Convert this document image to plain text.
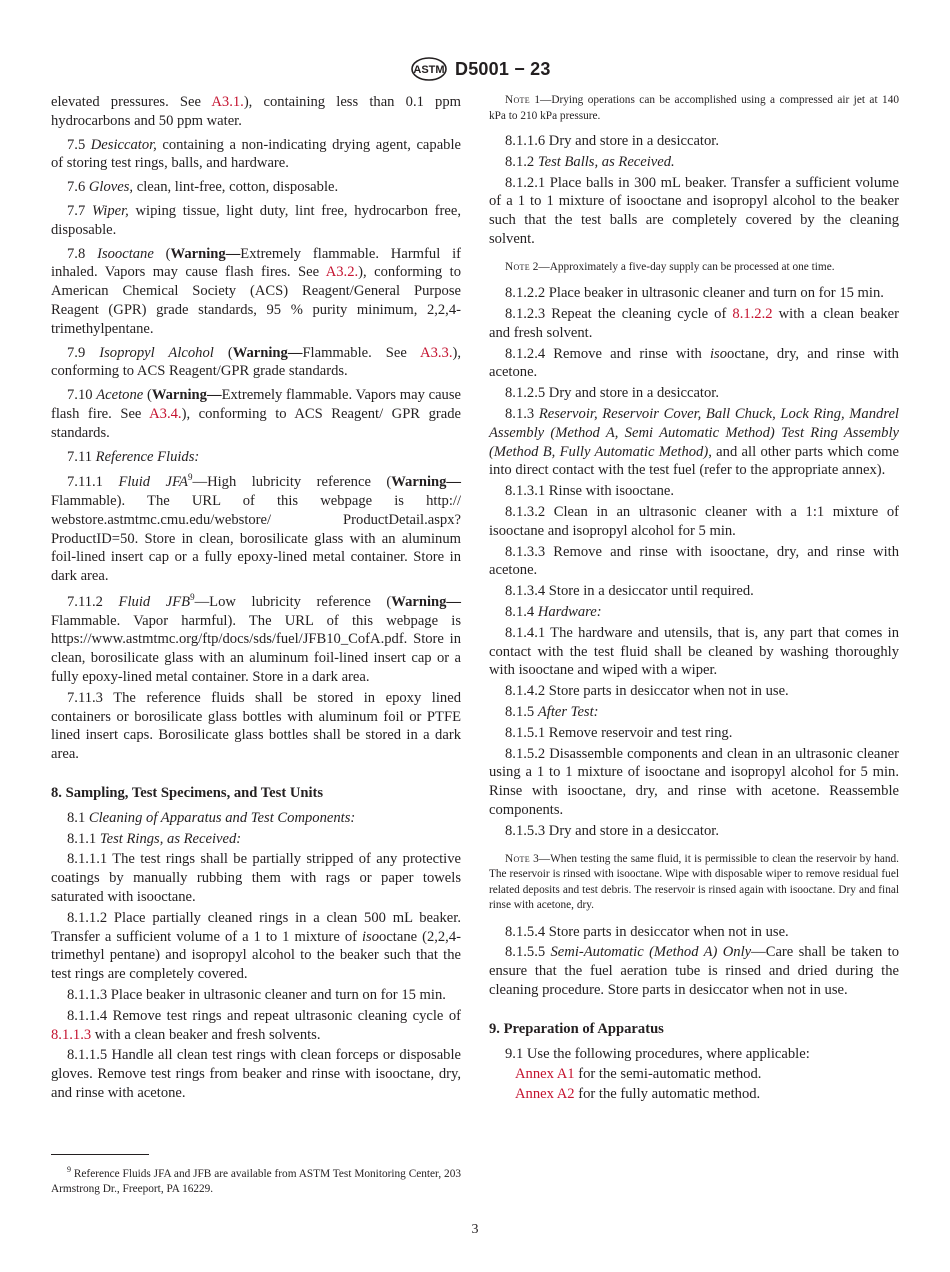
ASTM D5001 − 23

elevated pressures. See A3.1.), containing less than 0.1 ppm hydrocarbons and 50 ppm water.

7.5 Desiccator, containing a non-indicating drying agent, capable of storing test rings, balls, and hardware.

7.6 Gloves, clean, lint-free, cotton, disposable.

7.7 Wiper, wiping tissue, light duty, lint free, hydrocarbon free, disposable.

7.8 Isooctane (Warning—Extremely flammable. Harmful if inhaled. Vapors may cause flash fires. See A3.2.), conforming to American Chemical Society (ACS) Reagent/General Purpose Reagent (GPR) grade standards, 95 % purity minimum, 2,2,4-trimethylpentane.

7.9 Isopropyl Alcohol (Warning—Flammable. See A3.3.), conforming to ACS Reagent/GPR grade standards.

7.10 Acetone (Warning—Extremely flammable. Vapors may cause flash fire. See A3.4.), conforming to ACS Reagent/ GPR grade standards.

7.11 Reference Fluids:

7.11.1 Fluid JFA$^9$—High lubricity reference (Warning—Flammable). The URL of this webpage is http:// webstore.astmtmc.cmu.edu/webstore/ ProductDetail.aspx?ProductID=50. Store in clean, borosilicate glass with an aluminum foil-lined insert cap or a fully epoxy-lined metal container. Store in dark area.

7.11.2 Fluid JFB$^9$—Low lubricity reference (Warning—Flammable. Vapor harmful). The URL of this webpage is https://www.astmtmc.org/ftp/docs/sds/fuel/JFB10_CofA.pdf. Store in clean, borosilicate glass with an aluminum foil-lined insert cap or a fully epoxy-lined metal container. Store in a dark area.

7.11.3 The reference fluids shall be stored in epoxy lined containers or borosilicate glass bottles with aluminum foil or PTFE lined insert caps. Borosilicate glass bottles shall be stored in a dark area.

8. Sampling, Test Specimens, and Test Units

8.1 Cleaning of Apparatus and Test Components:

8.1.1 Test Rings, as Received:

8.1.1.1 The test rings shall be partially stripped of any protective coatings by manually rubbing them with rags or paper towels saturated with isooctane.

8.1.1.2 Place partially cleaned rings in a clean 500 mL beaker. Transfer a sufficient volume of a 1 to 1 mixture of isooctane (2,2,4-trimethyl pentane) and isopropyl alcohol to the beaker such that the test rings are completely covered.

8.1.1.3 Place beaker in ultrasonic cleaner and turn on for 15 min.

8.1.1.4 Remove test rings and repeat ultrasonic cleaning cycle of 8.1.1.3 with a clean beaker and fresh solvents.

8.1.1.5 Handle all clean test rings with clean forceps or disposable gloves. Remove test rings from beaker and rinse with isooctane, dry, and rinse with acetone.

$^9$ Reference Fluids JFA and JFB are available from ASTM Test Monitoring Center, 203 Armstrong Dr., Freeport, PA 16229.
Note 1—Drying operations can be accomplished using a compressed air jet at 140 kPa to 210 kPa pressure.

8.1.1.6 Dry and store in a desiccator.

8.1.2 Test Balls, as Received.

8.1.2.1 Place balls in 300 mL beaker. Transfer a sufficient volume of a 1 to 1 mixture of isooctane and isopropyl alcohol to the beaker such that the test balls are completely covered by the cleaning solvent.

Note 2—Approximately a five-day supply can be processed at one time.

8.1.2.2 Place beaker in ultrasonic cleaner and turn on for 15 min.

8.1.2.3 Repeat the cleaning cycle of 8.1.2.2 with a clean beaker and fresh solvent.

8.1.2.4 Remove and rinse with isooctane, dry, and rinse with acetone.

8.1.2.5 Dry and store in a desiccator.

8.1.3 Reservoir, Reservoir Cover, Ball Chuck, Lock Ring, Mandrel Assembly (Method A, Semi Automatic Method) Test Ring Assembly (Method B, Fully Automatic Method), and all other parts which come into direct contact with the test fuel (refer to the appropriate annex).

8.1.3.1 Rinse with isooctane.

8.1.3.2 Clean in an ultrasonic cleaner with a 1:1 mixture of isooctane and isopropyl alcohol for 5 min.

8.1.3.3 Remove and rinse with isooctane, dry, and rinse with acetone.

8.1.3.4 Store in a desiccator until required.

8.1.4 Hardware:

8.1.4.1 The hardware and utensils, that is, any part that comes in contact with the test fluid shall be cleaned by washing thoroughly with isooctane and wiped with a wiper.

8.1.4.2 Store parts in desiccator when not in use.

8.1.5 After Test:

8.1.5.1 Remove reservoir and test ring.

8.1.5.2 Disassemble components and clean in an ultrasonic cleaner using a 1 to 1 mixture of isooctane and isopropyl alcohol for 5 min. Rinse with isooctane, dry, and rinse with acetone. Reassemble components.

8.1.5.3 Dry and store in a desiccator.

Note 3—When testing the same fluid, it is permissible to clean the reservoir by hand. The reservoir is rinsed with isooctane. Wipe with disposable wiper to remove residual fuel related deposits and test debris. The reservoir is rinsed again with isooctane. Dry and final rinse with acetone, dry.

8.1.5.4 Store parts in desiccator when not in use.

8.1.5.5 Semi-Automatic (Method A) Only—Care shall be taken to ensure that the fuel aeration tube is rinsed and dried during the cleaning procedure. Store parts in desiccator when not in use.

9. Preparation of Apparatus

9.1 Use the following procedures, where applicable:

Annex A1 for the semi-automatic method.

Annex A2 for the fully automatic method.

3
